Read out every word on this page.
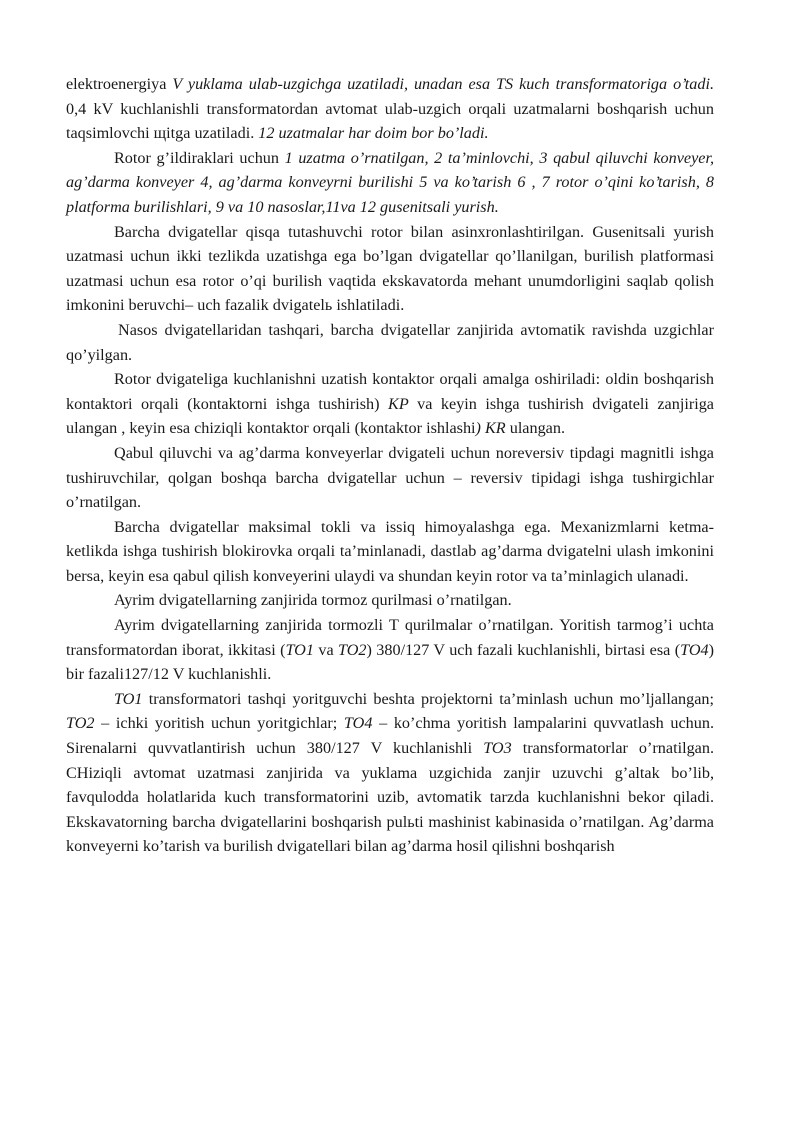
elektroenergiya V yuklama ulab-uzgichga uzatiladi, unadan esa TS kuch transformatoriga o’tadi. 0,4 kV kuchlanishli transformatordan avtomat ulab-uzgich orqali uzatmalarni boshqarish uchun taqsimlovchi щitga uzatiladi. 12 uzatmalar har doim bor bo’ladi.

Rotor g’ildiraklari uchun 1 uzatma o’rnatilgan, 2 ta’minlovchi, 3 qabul qiluvchi konveyer, ag’darma konveyer 4, ag’darma konveyrni burilishi 5 va ko’tarish 6 , 7 rotor o’qini ko’tarish, 8 platforma burilishlari, 9 va 10 nasoslar,11va 12 gusenitsali yurish.

Barcha dvigatellar qisqa tutashuvchi rotor bilan asinxronlashtirilgan. Gusenitsali yurish uzatmasi uchun ikki tezlikda uzatishga ega bo’lgan dvigatellar qo’llanilgan, burilish platformasi uzatmasi uchun esa rotor o’qi burilish vaqtida ekskavatorda mehant unumdorligini saqlab qolish imkonini beruvchi– uch fazalik dvigatelь ishlatiladi.

Nasos dvigatellaridan tashqari, barcha dvigatellar zanjirida avtomatik ravishda uzgichlar qo’yilgan.

Rotor dvigateliga kuchlanishni uzatish kontaktor orqali amalga oshiriladi: oldin boshqarish kontaktori orqali (kontaktorni ishga tushirish) KP va keyin ishga tushirish dvigateli zanjiriga ulangan , keyin esa chiziqli kontaktor orqali (kontaktor ishlashi) KR ulangan.

Qabul qiluvchi va ag’darma konveyerlar dvigateli uchun noreversiv tipdagi magnitli ishga tushiruvchilar, qolgan boshqa barcha dvigatellar uchun – reversiv tipidagi ishga tushirgichlar o’rnatilgan.

Barcha dvigatellar maksimal tokli va issiq himoyalashga ega. Mexanizmlarni ketma-ketlikda ishga tushirish blokirovka orqali ta’minlanadi, dastlab ag’darma dvigatelni ulash imkonini bersa, keyin esa qabul qilish konveyerini ulaydi va shundan keyin rotor va ta’minlagich ulanadi.

Ayrim dvigatellarning zanjirida tormoz qurilmasi o’rnatilgan.

Ayrim dvigatellarning zanjirida tormozli T qurilmalar o’rnatilgan. Yoritish tarmog’i uchta transformatordan iborat, ikkitasi (TO1 va TO2) 380/127 V uch fazali kuchlanishli, birtasi esa (TO4) bir fazali127/12 V kuchlanishli.

TO1 transformatori tashqi yoritguvchi beshta projektorni ta’minlash uchun mo’ljallangan; TO2 – ichki yoritish uchun yoritgichlar; TO4 – ko’chma yoritish lampalarini quvvatlash uchun. Sirenalarni quvvatlantirish uchun 380/127 V kuchlanishli TO3 transformatorlar o’rnatilgan. CHiziqli avtomat uzatmasi zanjirida va yuklama uzgichida zanjir uzuvchi g’altak bo’lib, favqulodda holatlarida kuch transformatorini uzib, avtomatik tarzda kuchlanishni bekor qiladi. Ekskavatorning barcha dvigatellarini boshqarish pulьti mashinist kabinasida o’rnatilgan. Ag’darma konveyerni ko’tarish va burilish dvigatellari bilan ag’darma hosil qilishni boshqarish
